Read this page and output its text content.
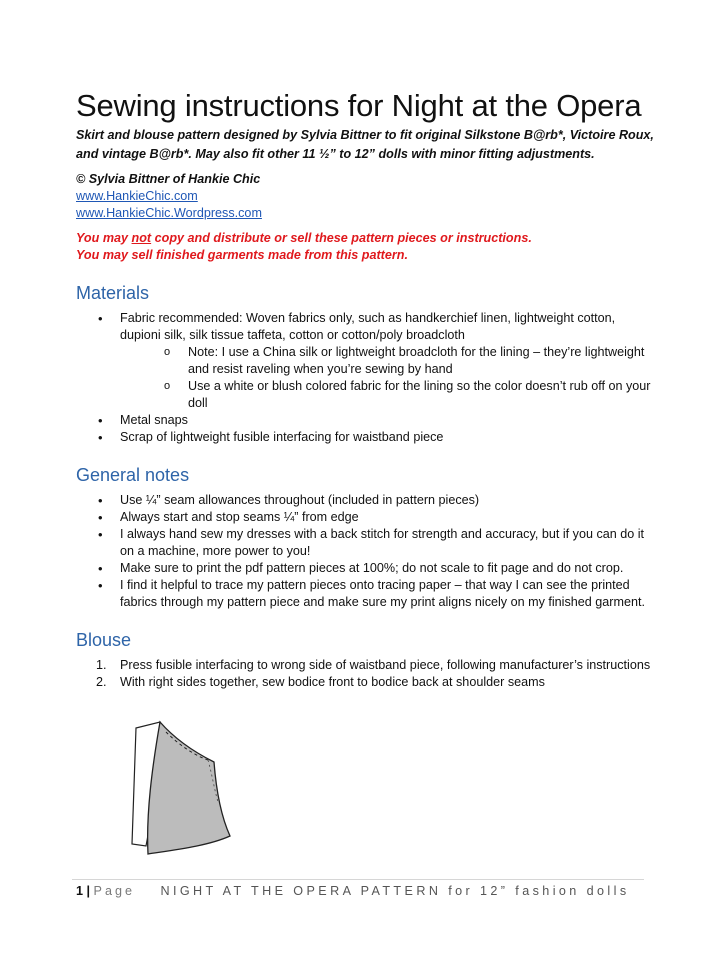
Sewing instructions for Night at the Opera

Skirt and blouse pattern designed by Sylvia Bittner to fit original Silkstone B@rb*, Victoire Roux, and vintage B@rb*. May also fit other 11 ½” to 12” dolls with minor fitting adjustments.

© Sylvia Bittner of Hankie Chic
www.HankieChic.com
www.HankieChic.Wordpress.com
You may not copy and distribute or sell these pattern pieces or instructions.
You may sell finished garments made from this pattern.
Materials
• Fabric recommended: Woven fabrics only, such as handkerchief linen, lightweight cotton, dupioni silk, silk tissue taffeta, cotton or cotton/poly broadcloth
o Note: I use a China silk or lightweight broadcloth for the lining – they’re lightweight and resist raveling when you’re sewing by hand
o Use a white or blush colored fabric for the lining so the color doesn’t rub off on your doll
• Metal snaps
• Scrap of lightweight fusible interfacing for waistband piece
General notes
• Use ¼” seam allowances throughout (included in pattern pieces)
• Always start and stop seams ¼” from edge
• I always hand sew my dresses with a back stitch for strength and accuracy, but if you can do it on a machine, more power to you!
• Make sure to print the pdf pattern pieces at 100%; do not scale to fit page and do not crop.
• I find it helpful to trace my pattern pieces onto tracing paper – that way I can see the printed fabrics through my pattern piece and make sure my print aligns nicely on my finished garment.
Blouse
1. Press fusible interfacing to wrong side of waistband piece, following manufacturer’s instructions
2. With right sides together, sew bodice front to bodice back at shoulder seams
1 | Page NIGHT AT THE OPERA PATTERN for 12” fashion dolls
